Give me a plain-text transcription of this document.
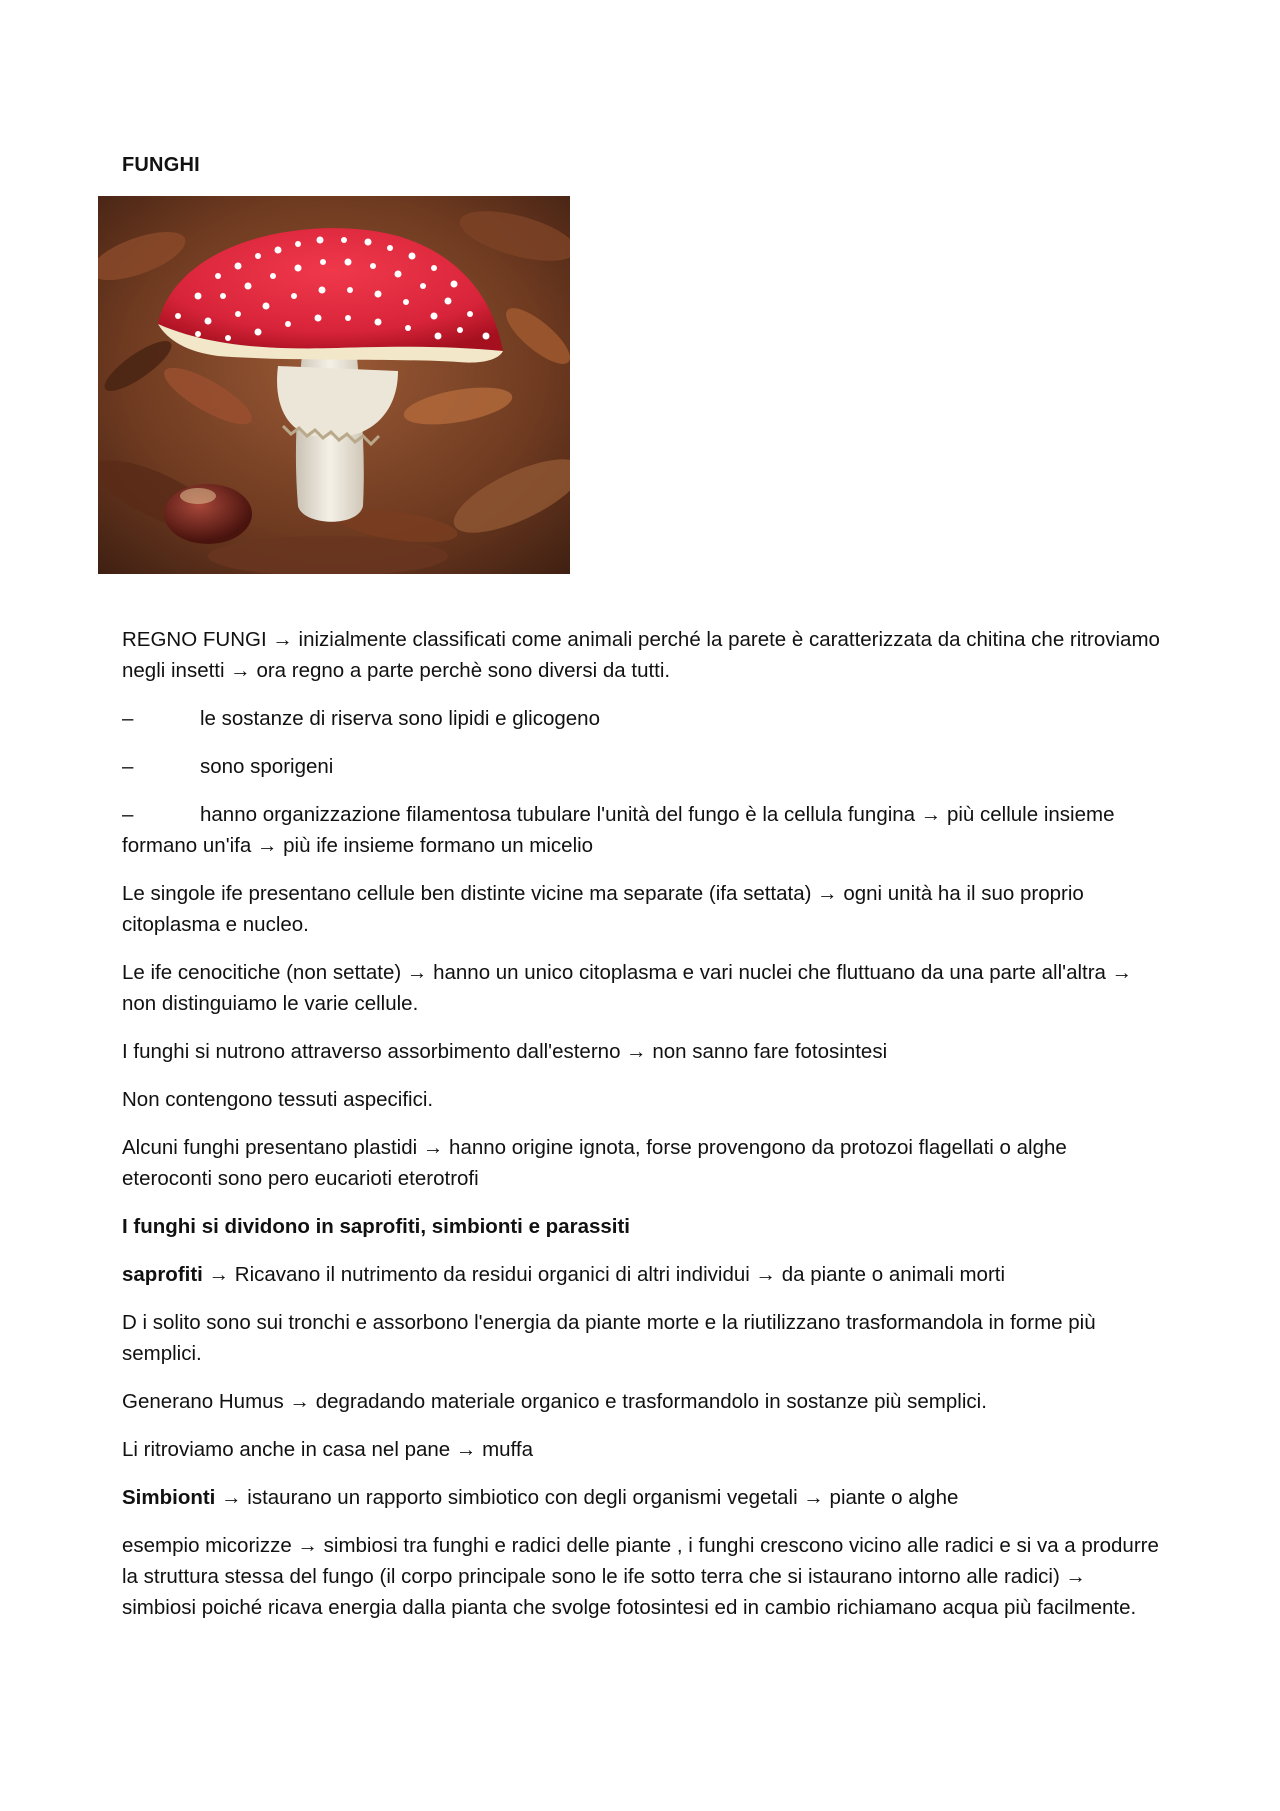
FUNGHI

REGNO FUNGI → inizialmente classificati come animali perché la parete è caratterizzata da chitina che ritroviamo negli insetti → ora regno a parte perchè sono diversi da tutti.

–	le sostanze di riserva sono lipidi e glicogeno

–	sono sporigeni

–	hanno organizzazione filamentosa tubulare l'unità del fungo è la cellula fungina → più cellule insieme formano un'ifa → più ife insieme formano un micelio

Le singole ife presentano cellule ben distinte vicine ma separate (ifa settata) → ogni unità ha il suo proprio citoplasma e nucleo.

Le ife cenocitiche (non settate) → hanno un unico citoplasma e vari nuclei che fluttuano da una parte all'altra → non distinguiamo le varie cellule.

I funghi si nutrono attraverso assorbimento dall'esterno → non sanno fare fotosintesi

Non contengono tessuti aspecifici.

Alcuni funghi presentano plastidi → hanno origine ignota, forse provengono da protozoi flagellati o alghe eteroconti sono pero eucarioti eterotrofi

I funghi si dividono in saprofiti, simbionti e parassiti

saprofiti → Ricavano il nutrimento da residui organici di altri individui → da piante o animali morti

D i solito sono sui tronchi e assorbono l'energia da piante morte e la riutilizzano trasformandola in forme più semplici.

Generano Humus → degradando materiale organico e trasformandolo in sostanze più semplici.

Li ritroviamo anche in casa nel pane → muffa

Simbionti → istaurano un rapporto simbiotico con degli organismi vegetali → piante o alghe

esempio micorizze → simbiosi tra funghi e radici delle piante , i funghi crescono vicino alle radici e si va a produrre la struttura stessa del fungo (il corpo principale sono le ife sotto terra che si istaurano intorno alle radici) → simbiosi poiché ricava energia dalla pianta che svolge fotosintesi ed in cambio richiamano acqua più facilmente.
